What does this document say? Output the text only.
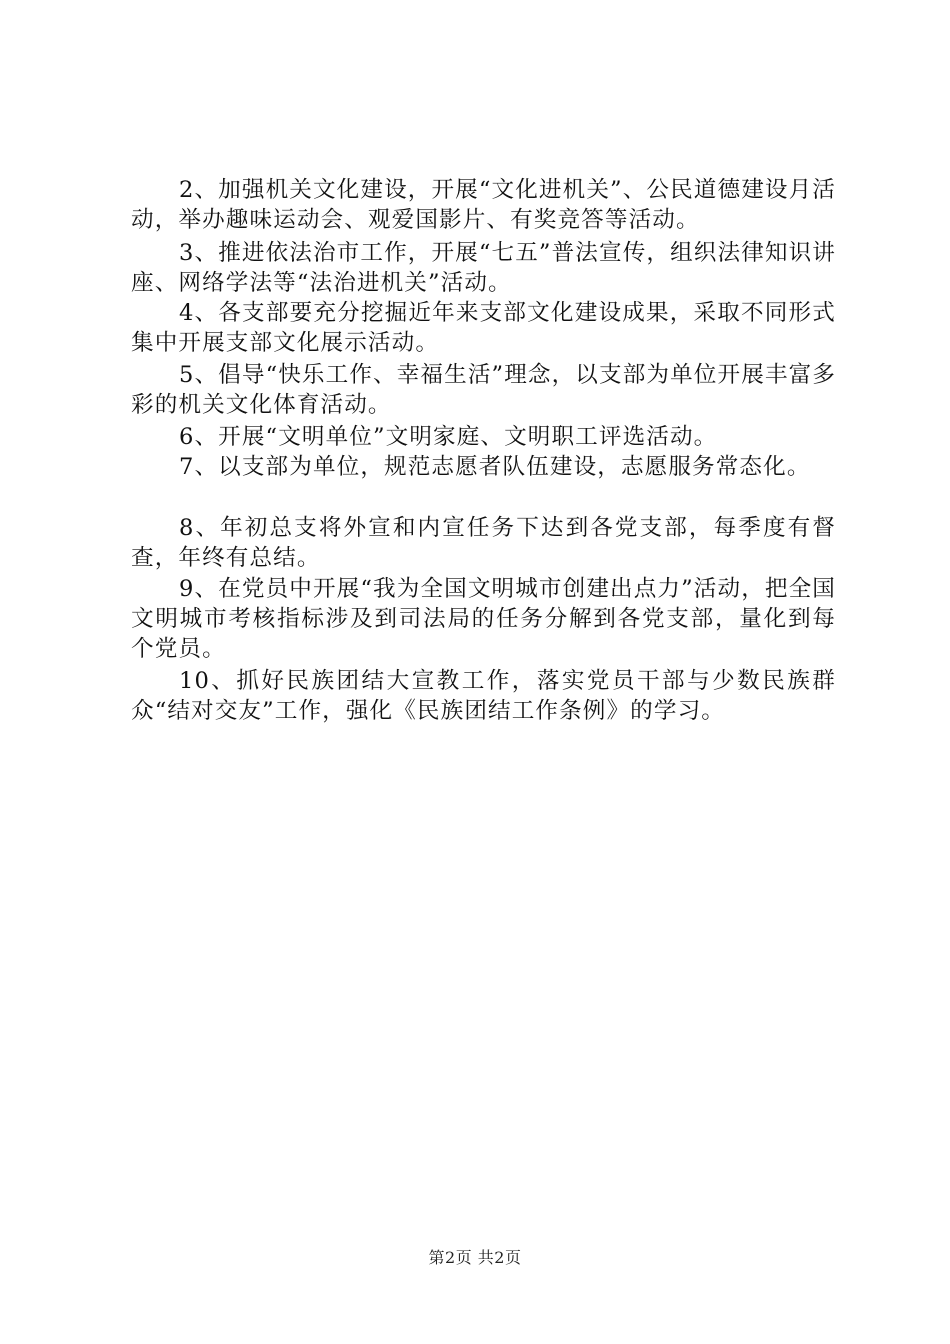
2、加强机关文化建设，开展“文化进机关”、公民道德建设月活动，举办趣味运动会、观爱国影片、有奖竞答等活动。

3、推进依法治市工作，开展“七五”普法宣传，组织法律知识讲座、网络学法等“法治进机关”活动。

4、各支部要充分挖掘近年来支部文化建设成果，采取不同形式集中开展支部文化展示活动。

5、倡导“快乐工作、幸福生活”理念，以支部为单位开展丰富多彩的机关文化体育活动。

6、开展“文明单位”文明家庭、文明职工评选活动。

7、以支部为单位，规范志愿者队伍建设，志愿服务常态化。

8、年初总支将外宣和内宣任务下达到各党支部，每季度有督查，年终有总结。

9、在党员中开展“我为全国文明城市创建出点力”活动，把全国文明城市考核指标涉及到司法局的任务分解到各党支部，量化到每个党员。

10、抓好民族团结大宣教工作，落实党员干部与少数民族群众“结对交友”工作，强化《民族团结工作条例》的学习。

第2页 共2页
